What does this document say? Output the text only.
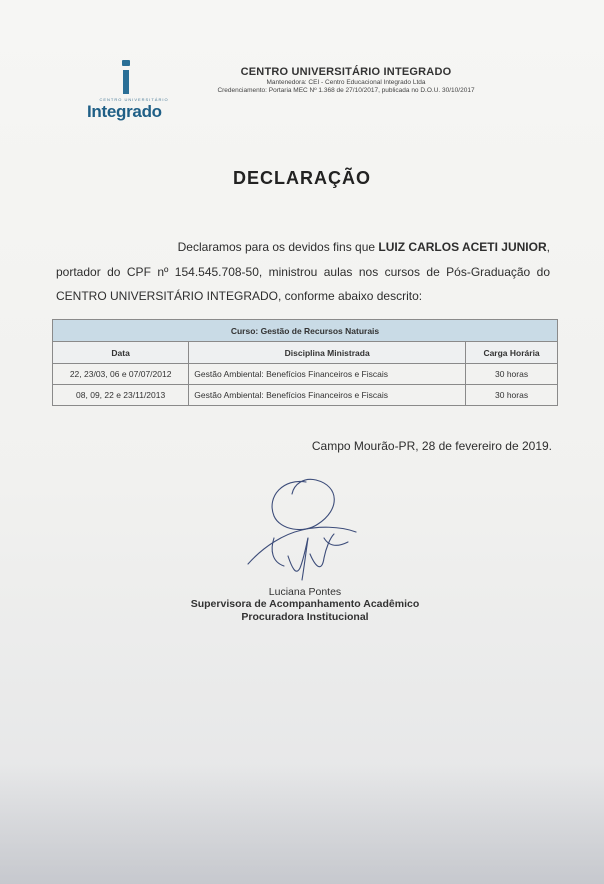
CENTRO UNIVERSITÁRIO
Integrado
CENTRO UNIVERSITÁRIO INTEGRADO
Mantenedora: CEI - Centro Educacional Integrado Ltda
Credenciamento: Portaria MEC Nº 1.368 de 27/10/2017, publicada no D.O.U. 30/10/2017
DECLARAÇÃO
Declaramos para os devidos fins que LUIZ CARLOS ACETI JUNIOR,
portador do CPF nº 154.545.708-50, ministrou aulas nos cursos de Pós-Graduação do
CENTRO UNIVERSITÁRIO INTEGRADO, conforme abaixo descrito:
Curso: Gestão de Recursos Naturais		
Data	Disciplina Ministrada	Carga Horária
22, 23/03, 06 e 07/07/2012	Gestão Ambiental: Benefícios Financeiros e Fiscais	30 horas
08, 09, 22 e 23/11/2013	Gestão Ambiental: Benefícios Financeiros e Fiscais	30 horas
Campo Mourão-PR, 28 de fevereiro de 2019.
Luciana Pontes
Supervisora de Acompanhamento Acadêmico
Procuradora Institucional
